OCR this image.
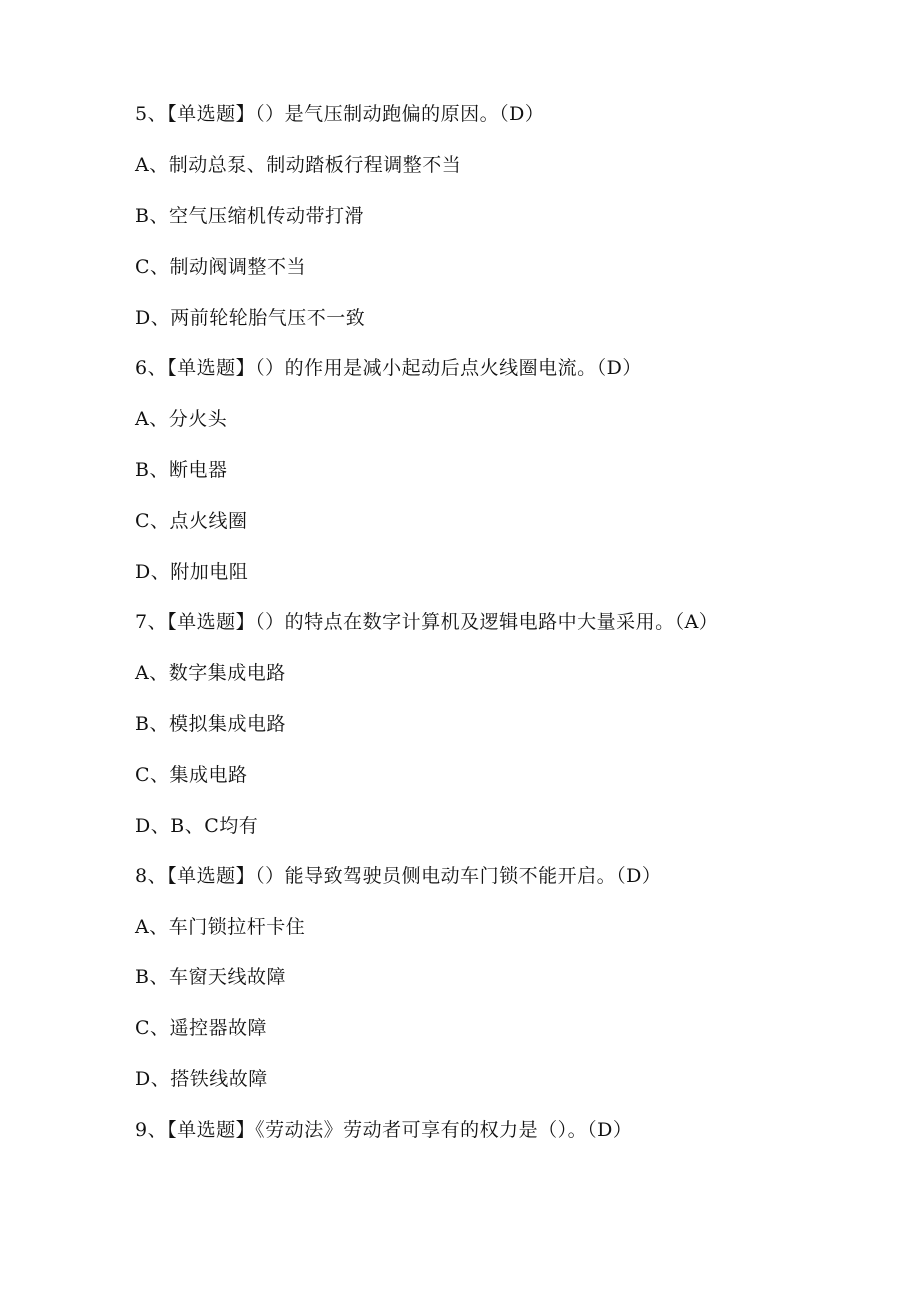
5、【单选题】（）是气压制动跑偏的原因。（D）
A、制动总泵、制动踏板行程调整不当
B、空气压缩机传动带打滑
C、制动阀调整不当
D、两前轮轮胎气压不一致
6、【单选题】（）的作用是减小起动后点火线圈电流。（D）
A、分火头
B、断电器
C、点火线圈
D、附加电阻
7、【单选题】（）的特点在数字计算机及逻辑电路中大量采用。（A）
A、数字集成电路
B、模拟集成电路
C、集成电路
D、B、C均有
8、【单选题】（）能导致驾驶员侧电动车门锁不能开启。（D）
A、车门锁拉杆卡住
B、车窗天线故障
C、遥控器故障
D、搭铁线故障
9、【单选题】《劳动法》劳动者可享有的权力是（）。（D）
